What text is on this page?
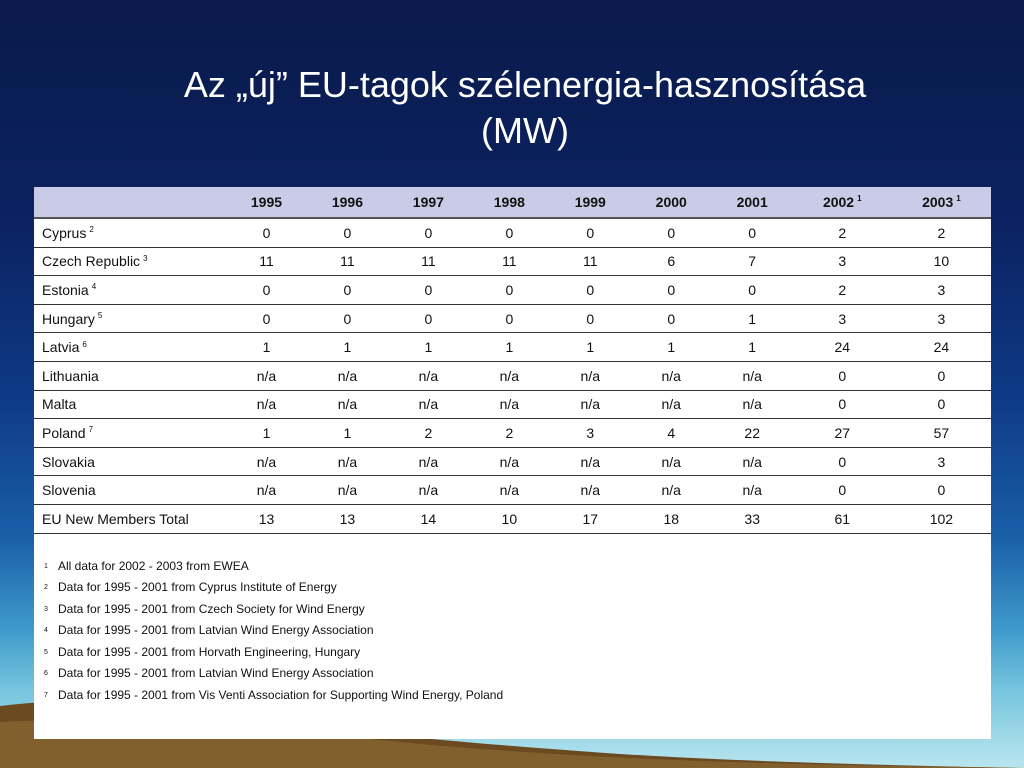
Az „új” EU-tagok szélenergia-hasznosítása
(MW)
	1995	1996	1997	1998	1999	2000	2001	2002 $^1$	2003 $^1$
Cyprus $^2$	0	0	0	0	0	0	0	2	2
Czech Republic $^3$	11	11	11	11	11	6	7	3	10
Estonia $^4$	0	0	0	0	0	0	0	2	3
Hungary $^5$	0	0	0	0	0	0	1	3	3
Latvia $^6$	1	1	1	1	1	1	1	24	24
Lithuania	n/a	n/a	n/a	n/a	n/a	n/a	n/a	0	0
Malta	n/a	n/a	n/a	n/a	n/a	n/a	n/a	0	0
Poland $^7$	1	1	2	2	3	4	22	27	57
Slovakia	n/a	n/a	n/a	n/a	n/a	n/a	n/a	0	3
Slovenia	n/a	n/a	n/a	n/a	n/a	n/a	n/a	0	0
EU New Members Total	13	13	14	10	17	18	33	61	102
1 All data for 2002 - 2003 from EWEA
2 Data for 1995 - 2001 from Cyprus Institute of Energy
3 Data for 1995 - 2001 from Czech Society for Wind Energy
4 Data for 1995 - 2001 from Latvian Wind Energy Association
5 Data for 1995 - 2001 from Horvath Engineering, Hungary
6 Data for 1995 - 2001 from Latvian Wind Energy Association
7 Data for 1995 - 2001 from Vis Venti Association for Supporting Wind Energy, Poland
